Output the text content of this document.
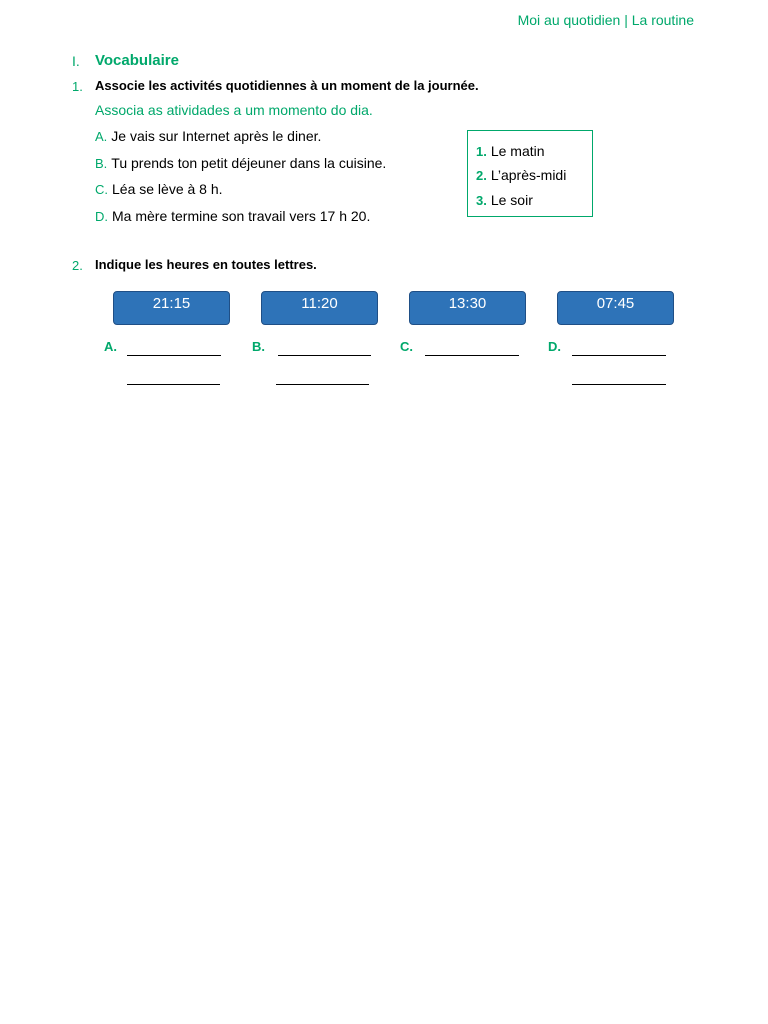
Moi au quotidien | La routine
I. Vocabulaire
1. Associe les activités quotidiennes à un moment de la journée.
Associa as atividades a um momento do dia.
A. Je vais sur Internet après le diner.
B. Tu prends ton petit déjeuner dans la cuisine.
C. Léa se lève à 8 h.
D. Ma mère termine son travail vers 17 h 20.
1. Le matin
2. L’après-midi
3. Le soir
2. Indique les heures en toutes lettres.
21:15	11:20	13:30	07:45
A.	B.	C.	D.
